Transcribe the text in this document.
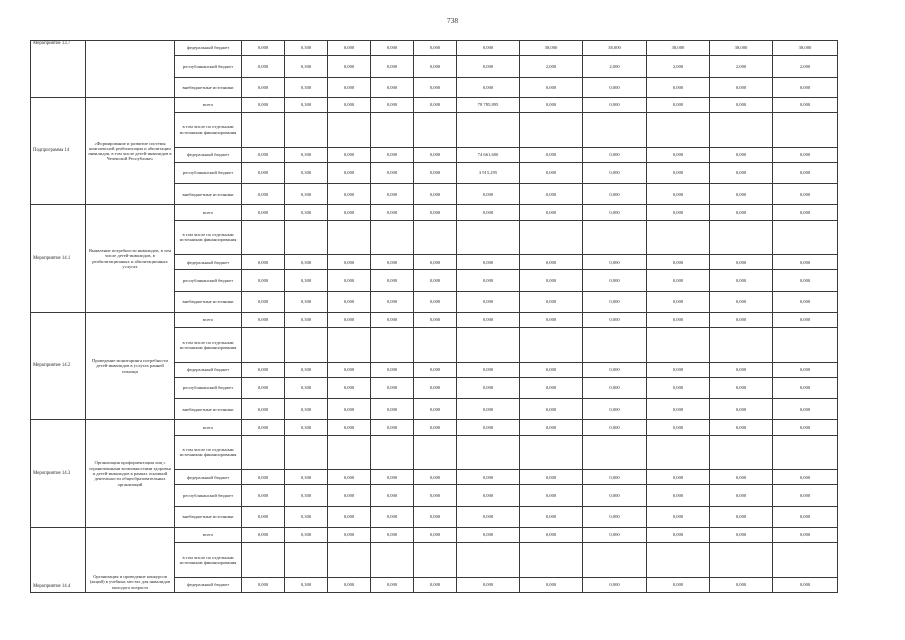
738
Мероприятие 13.7		федеральный бюджет	0,000	0,300	0,000	0,000	0,000	0,000	38,000	38,000	38,000	38,000	38,000
		республиканский бюджет	0,000	0,300	0,000	0,000	0,000	0,000	2,000	2,000	2,000	2,000	2,000
		внебюджетные источники	0,000	0,300	0,000	0,000	0,000	0,000	0,000	0,000	0,000	0,000	0,000
Подпрограмма 14	«Формирование и развитие системы комплексной реабилитации и абилитации инвалидов, в том числе детей-инвалидов в Чеченской Республике»	всего	0,000	0,300	0,000	0,000	0,000	78 785,895	0,000	0,000	0,000	0,000	0,000
		в том числе по отдельным источникам финансирования											
		федеральный бюджет	0,000	0,300	0,000	0,000	0,000	74 661,600	0,000	0,000	0,000	0,000	0,000
		республиканский бюджет	0,000	0,300	0,000	0,000	0,000	3 915,295	0,000	0,000	0,000	0,000	0,000
		внебюджетные источники	0,000	0,300	0,000	0,000	0,000	0,000	0,000	0,000	0,000	0,000	0,000
Мероприятие 14.1	Выявление потребности инвалидов, в том числе детей-инвалидов, в реабилитационных и абилитационных услугах	всего	0,000	0,300	0,000	0,000	0,000	0,000	0,000	0,000	0,000	0,000	0,000
		в том числе по отдельным источникам финансирования											
		федеральный бюджет	0,000	0,300	0,000	0,000	0,000	0,000	0,000	0,000	0,000	0,000	0,000
		республиканский бюджет	0,000	0,300	0,000	0,000	0,000	0,000	0,000	0,000	0,000	0,000	0,000
		внебюджетные источники	0,000	0,300	0,000	0,000	0,000	0,000	0,000	0,000	0,000	0,000	0,000
Мероприятие 14.2	Проведение мониторинга потребности детей-инвалидов в услугах ранней помощи	всего	0,000	0,300	0,000	0,000	0,000	0,000	0,000	0,000	0,000	0,000	0,000
		в том числе по отдельным источникам финансирования											
		федеральный бюджет	0,000	0,300	0,000	0,000	0,000	0,000	0,000	0,000	0,000	0,000	0,000
		республиканский бюджет	0,000	0,300	0,000	0,000	0,000	0,000	0,000	0,000	0,000	0,000	0,000
		внебюджетные источники	0,000	0,300	0,000	0,000	0,000	0,000	0,000	0,000	0,000	0,000	0,000
Мероприятие 14.3	Организация профориентации лиц с ограниченными возможностями здоровья и детей-инвалидов в рамках основной деятельности общеобразовательных организаций	всего	0,000	0,300	0,000	0,000	0,000	0,000	0,000	0,000	0,000	0,000	0,000
		в том числе по отдельным источникам финансирования											
		федеральный бюджет	0,000	0,300	0,000	0,000	0,000	0,000	0,000	0,000	0,000	0,000	0,000
		республиканский бюджет	0,000	0,300	0,000	0,000	0,000	0,000	0,000	0,000	0,000	0,000	0,000
		внебюджетные источники	0,000	0,300	0,000	0,000	0,000	0,000	0,000	0,000	0,000	0,000	0,000
Мероприятие 14.4	Организация и проведение конкурсов (акций) в учебных местах для инвалидов молодого возраста	всего	0,000	0,300	0,000	0,000	0,000	0,000	0,000	0,000	0,000	0,000	0,000
		в том числе по отдельным источникам финансирования											
		федеральный бюджет	0,000	0,300	0,000	0,000	0,000	0,000	0,000	0,000	0,000	0,000	0,000
